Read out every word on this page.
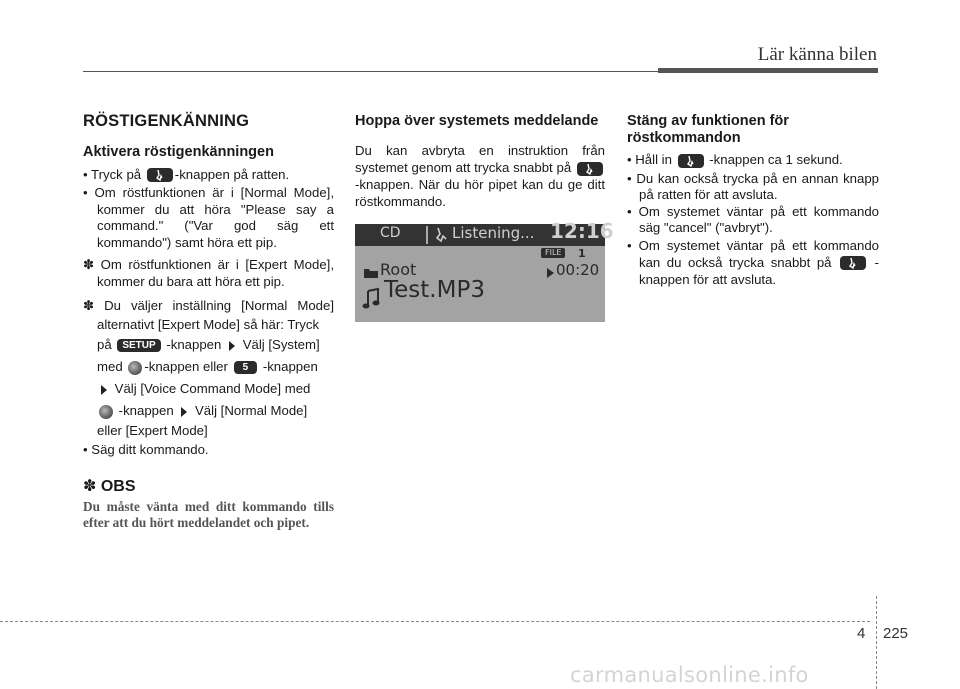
Lär känna bilen
RÖSTIGENKÄNNING
Aktivera röstigenkänningen

• Tryck på	-knappen på ratten.

• Om röstfunktionen är i [Normal Mode], kommer du att höra "Please say a command." ("Var god säg ett kommando") samt höra ett pip.

✽ Om röstfunktionen är i [Expert Mode], kommer du bara att höra ett pip.

✽ Du väljer inställning [Normal Mode] alternativt [Expert Mode] så här: Tryck

på SETUP -knappen Välj [System]

med -knappen eller 5 -knappen

Välj [Voice Command Mode] med

-knappen Välj [Normal Mode]

eller [Expert Mode]

• Säg ditt kommando.

✽ OBS
Du måste vänta med ditt kommando tills efter att du hört meddelandet och pipet.
Hoppa över systemets meddelande

Du kan avbryta en instruktion från systemet genom att trycka snabbt på
-knappen. När du hör pipet kan du ge ditt röstkommando.

CD	Listening... 12:16
FILE	1
Root	00:20
Test.MP3
Stäng av funktionen för röstkommandon

• Håll in	-knappen ca 1 sekund.

• Du kan också trycka på en annan knapp på ratten för att avsluta.

• Om systemet väntar på ett kommando säg "cancel" ("avbryt").

• Om systemet väntar på ett kommando kan du också trycka snabbt på	-knappen för att avsluta.

4 225
carmanualsonline.info
